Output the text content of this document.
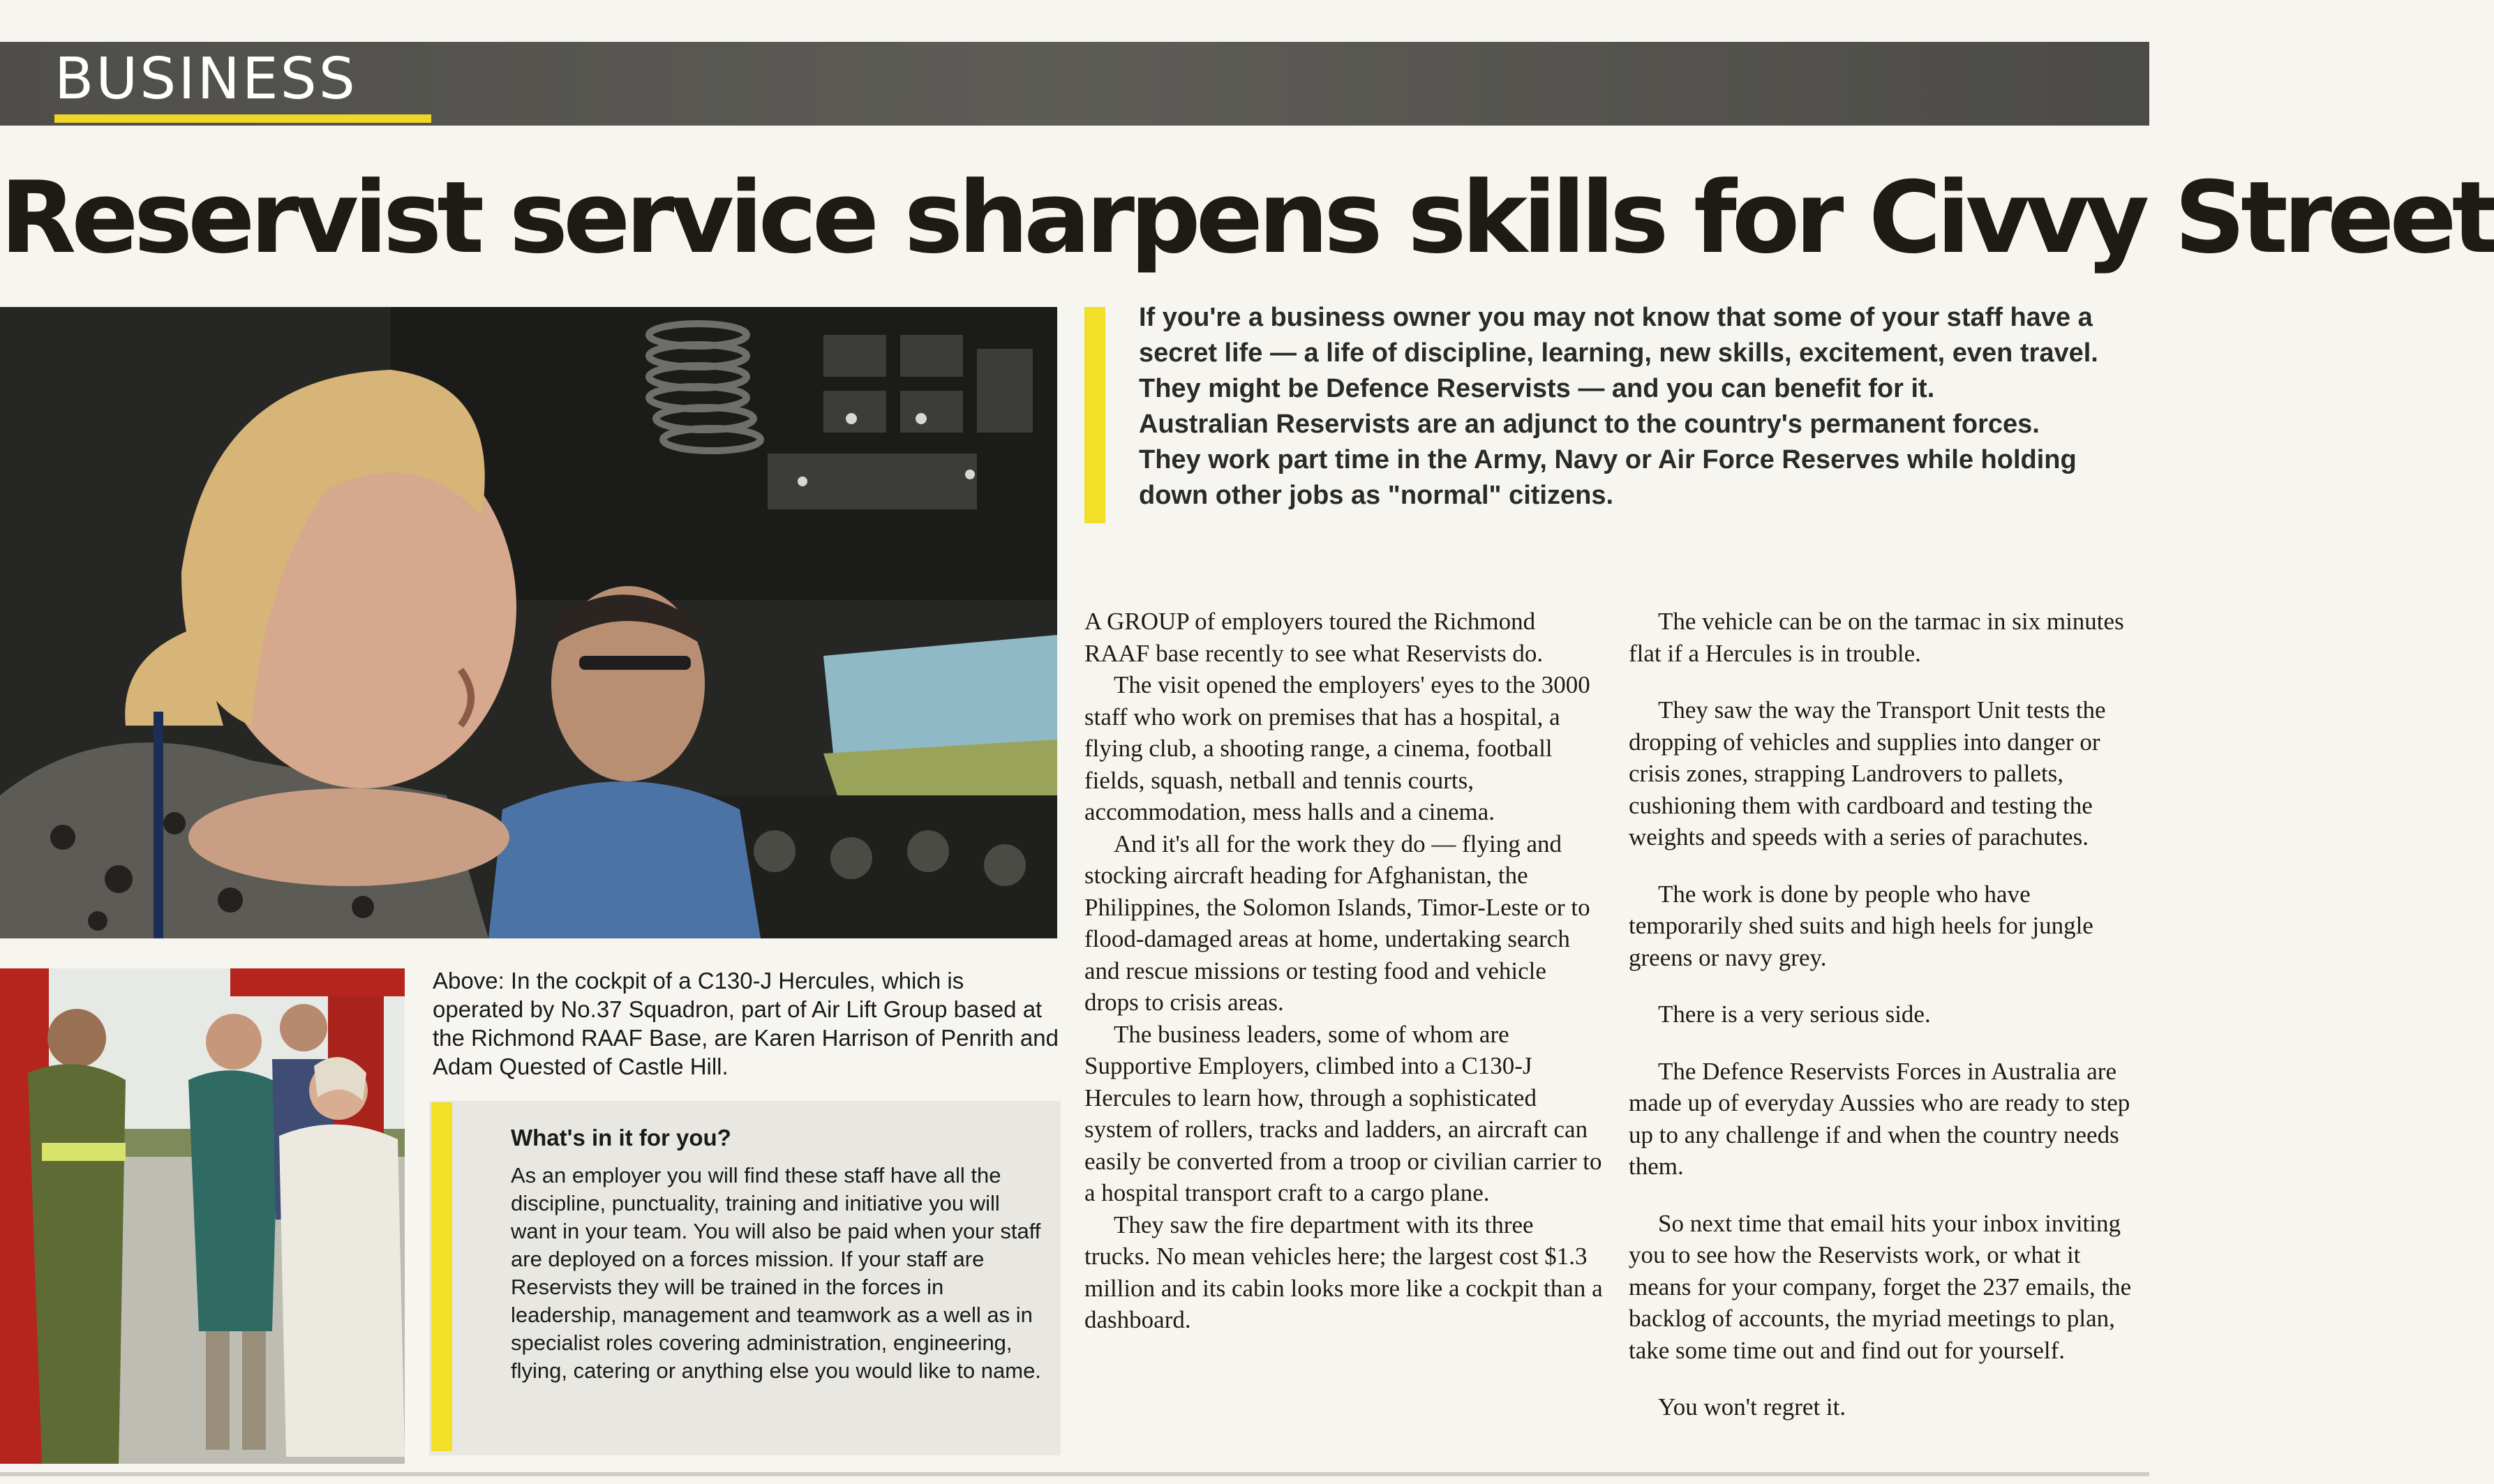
BUSINESS
Reservist service sharpens skills for Civvy Street
Above: In the cockpit of a C130-J Hercules, which is operated by No.37 Squadron, part of Air Lift Group based at the Richmond RAAF Base, are Karen Harrison of Penrith and Adam Quested of Castle Hill.
What's in it for you?
As an employer you will find these staff have all the discipline, punctuality, training and initiative you will want in your team. You will also be paid when your staff are deployed on a forces mission. If your staff are Reservists they will be trained in the forces in leadership, management and teamwork as a well as in specialist roles covering administration, engineering, flying, catering or anything else you would like to name.

If you're a business owner you may not know that some of your staff have a secret life — a life of discipline, learning, new skills, excitement, even travel.

They might be Defence Reservists — and you can benefit for it.

Australian Reservists are an adjunct to the country's permanent forces.

They work part time in the Army, Navy or Air Force Reserves while holding down other jobs as "normal" citizens.

A GROUP of employers toured the Richmond RAAF base recently to see what Reservists do.

The visit opened the employers' eyes to the 3000 staff who work on premises that has a hospital, a flying club, a shooting range, a cinema, football fields, squash, netball and tennis courts, accommodation, mess halls and a cinema.

And it's all for the work they do — flying and stocking aircraft heading for Afghanistan, the Philippines, the Solomon Islands, Timor-Leste or to flood-damaged areas at home, undertaking search and rescue missions or testing food and vehicle drops to crisis areas.

The business leaders, some of whom are Supportive Employers, climbed into a C130-J Hercules to learn how, through a sophisticated system of rollers, tracks and ladders, an aircraft can easily be converted from a troop or civilian carrier to a hospital transport craft to a cargo plane.

They saw the fire department with its three trucks. No mean vehicles here; the largest cost $1.3 million and its cabin looks more like a cockpit than a dashboard.

The vehicle can be on the tarmac in six minutes flat if a Hercules is in trouble.

They saw the way the Transport Unit tests the dropping of vehicles and supplies into danger or crisis zones, strapping Landrovers to pallets, cushioning them with cardboard and testing the weights and speeds with a series of parachutes.

The work is done by people who have temporarily shed suits and high heels for jungle greens or navy grey.

There is a very serious side.

The Defence Reservists Forces in Australia are made up of everyday Aussies who are ready to step up to any challenge if and when the country needs them.

So next time that email hits your inbox inviting you to see how the Reservists work, or what it means for your company, forget the 237 emails, the backlog of accounts, the myriad meetings to plan, take some time out and find out for yourself.

You won't regret it.
